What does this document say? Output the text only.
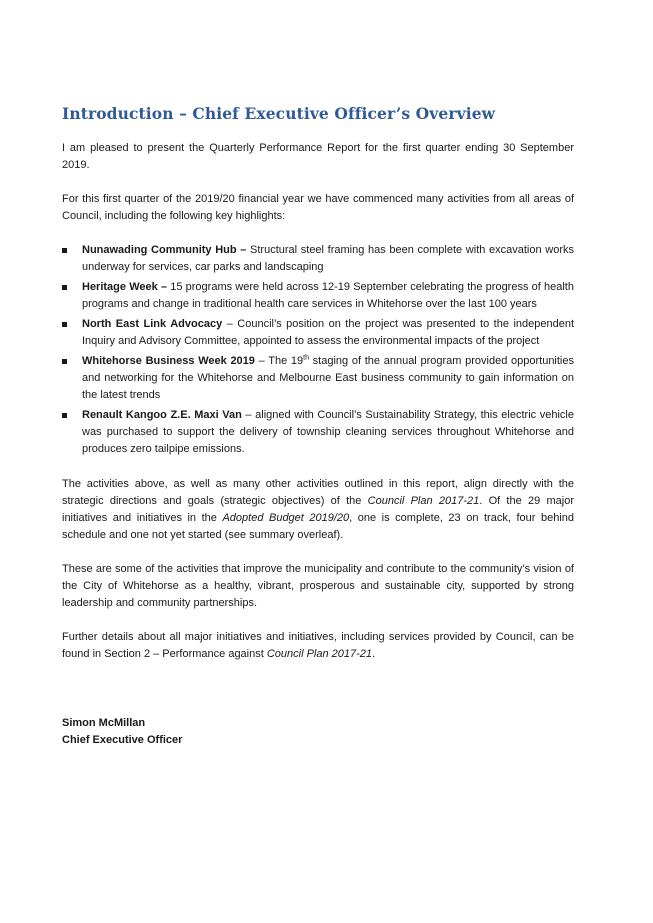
Introduction – Chief Executive Officer’s Overview

I am pleased to present the Quarterly Performance Report for the first quarter ending 30 September 2019.

For this first quarter of the 2019/20 financial year we have commenced many activities from all areas of Council, including the following key highlights:

Nunawading Community Hub – Structural steel framing has been complete with excavation works underway for services, car parks and landscaping
Heritage Week – 15 programs were held across 12-19 September celebrating the progress of health programs and change in traditional health care services in Whitehorse over the last 100 years
North East Link Advocacy – Council’s position on the project was presented to the independent Inquiry and Advisory Committee, appointed to assess the environmental impacts of the project
Whitehorse Business Week 2019 – The 19th staging of the annual program provided opportunities and networking for the Whitehorse and Melbourne East business community to gain information on the latest trends
Renault Kangoo Z.E. Maxi Van – aligned with Council’s Sustainability Strategy, this electric vehicle was purchased to support the delivery of township cleaning services throughout Whitehorse and produces zero tailpipe emissions.

The activities above, as well as many other activities outlined in this report, align directly with the strategic directions and goals (strategic objectives) of the Council Plan 2017-21. Of the 29 major initiatives and initiatives in the Adopted Budget 2019/20, one is complete, 23 on track, four behind schedule and one not yet started (see summary overleaf).

These are some of the activities that improve the municipality and contribute to the community’s vision of the City of Whitehorse as a healthy, vibrant, prosperous and sustainable city, supported by strong leadership and community partnerships.

Further details about all major initiatives and initiatives, including services provided by Council, can be found in Section 2 – Performance against Council Plan 2017-21.

Simon McMillan
Chief Executive Officer
